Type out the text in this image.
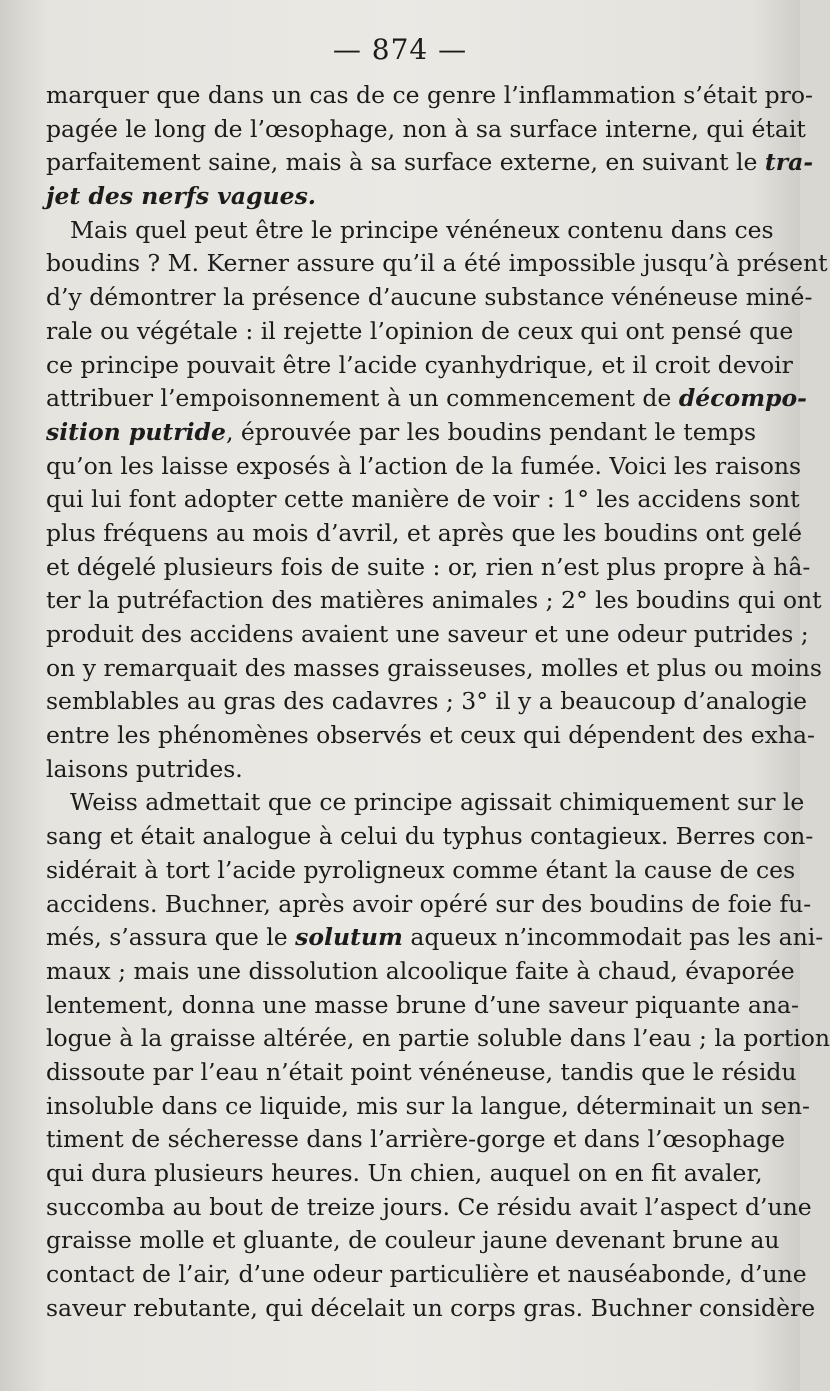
— 874 —
marquer que dans un cas de ce genre l’inflammation s’était pro-
pagée le long de l’œsophage, non à sa surface interne, qui était
parfaitement saine, mais à sa surface externe, en suivant le tra-
jet des nerfs vagues.
Mais quel peut être le principe vénéneux contenu dans ces
boudins ? M. Kerner assure qu’il a été impossible jusqu’à présent
d’y démontrer la présence d’aucune substance vénéneuse miné-
rale ou végétale : il rejette l’opinion de ceux qui ont pensé que
ce principe pouvait être l’acide cyanhydrique, et il croit devoir
attribuer l’empoisonnement à un commencement de décompo-
sition putride, éprouvée par les boudins pendant le temps
qu’on les laisse exposés à l’action de la fumée. Voici les raisons
qui lui font adopter cette manière de voir : 1° les accidens sont
plus fréquens au mois d’avril, et après que les boudins ont gelé
et dégelé plusieurs fois de suite : or, rien n’est plus propre à hâ-
ter la putréfaction des matières animales ; 2° les boudins qui ont
produit des accidens avaient une saveur et une odeur putrides ;
on y remarquait des masses graisseuses, molles et plus ou moins
semblables au gras des cadavres ; 3° il y a beaucoup d’analogie
entre les phénomènes observés et ceux qui dépendent des exha-
laisons putrides.
Weiss admettait que ce principe agissait chimiquement sur le
sang et était analogue à celui du typhus contagieux. Berres con-
sidérait à tort l’acide pyroligneux comme étant la cause de ces
accidens. Buchner, après avoir opéré sur des boudins de foie fu-
més, s’assura que le solutum aqueux n’incommodait pas les ani-
maux ; mais une dissolution alcoolique faite à chaud, évaporée
lentement, donna une masse brune d’une saveur piquante ana-
logue à la graisse altérée, en partie soluble dans l’eau ; la portion
dissoute par l’eau n’était point vénéneuse, tandis que le résidu
insoluble dans ce liquide, mis sur la langue, déterminait un sen-
timent de sécheresse dans l’arrière-gorge et dans l’œsophage
qui dura plusieurs heures. Un chien, auquel on en fit avaler,
succomba au bout de treize jours. Ce résidu avait l’aspect d’une
graisse molle et gluante, de couleur jaune devenant brune au
contact de l’air, d’une odeur particulière et nauséabonde, d’une
saveur rebutante, qui décelait un corps gras. Buchner considère
